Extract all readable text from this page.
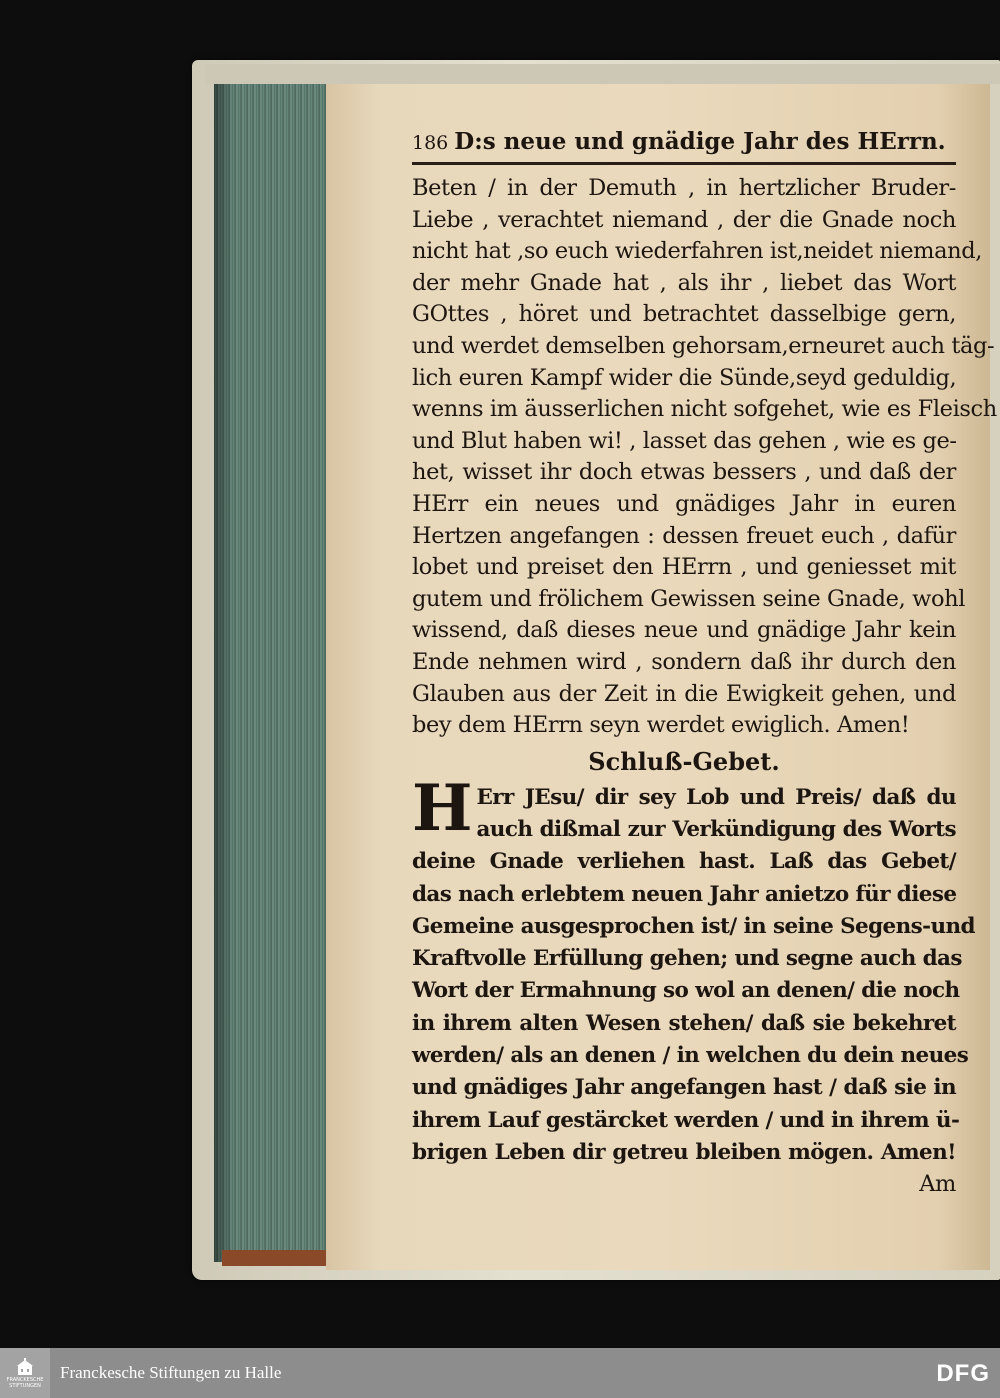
186 D:s neue und gnädige Jahr des HErrn.
Beten / in der Demuth , in hertzlicher Bruder-
Liebe , verachtet niemand , der die Gnade noch
nicht hat ,so euch wiederfahren ist,neidet niemand,
der mehr Gnade hat , als ihr , liebet das Wort
GOttes , höret und betrachtet dasselbige gern,
und werdet demselben gehorsam,erneuret auch täg-
lich euren Kampf wider die Sünde,seyd geduldig,
wenns im äusserlichen nicht sofgehet, wie es Fleisch
und Blut haben wi! , lasset das gehen , wie es ge-
het, wisset ihr doch etwas bessers , und daß der
HErr ein neues und gnädiges Jahr in euren
Hertzen angefangen : dessen freuet euch , dafür
lobet und preiset den HErrn , und geniesset mit
gutem und frölichem Gewissen seine Gnade, wohl
wissend, daß dieses neue und gnädige Jahr kein
Ende nehmen wird , sondern daß ihr durch den
Glauben aus der Zeit in die Ewigkeit gehen, und
bey dem HErrn seyn werdet ewiglich. Amen!
Schluß-Gebet.
H Err JEsu/ dir sey Lob und Preis/ daß du
auch dißmal zur Verkündigung des Worts
deine Gnade verliehen hast. Laß das Gebet/
das nach erlebtem neuen Jahr anietzo für diese
Gemeine ausgesprochen ist/ in seine Segens-und
Kraftvolle Erfüllung gehen; und segne auch das
Wort der Ermahnung so wol an denen/ die noch
in ihrem alten Wesen stehen/ daß sie bekehret
werden/ als an denen / in welchen du dein neues
und gnädiges Jahr angefangen hast / daß sie in
ihrem Lauf gestärcket werden / und in ihrem ü-
brigen Leben dir getreu bleiben mögen. Amen!
Am
FRANCKESCHE
STIFTUNGEN
Franckesche Stiftungen zu Halle	DFG
